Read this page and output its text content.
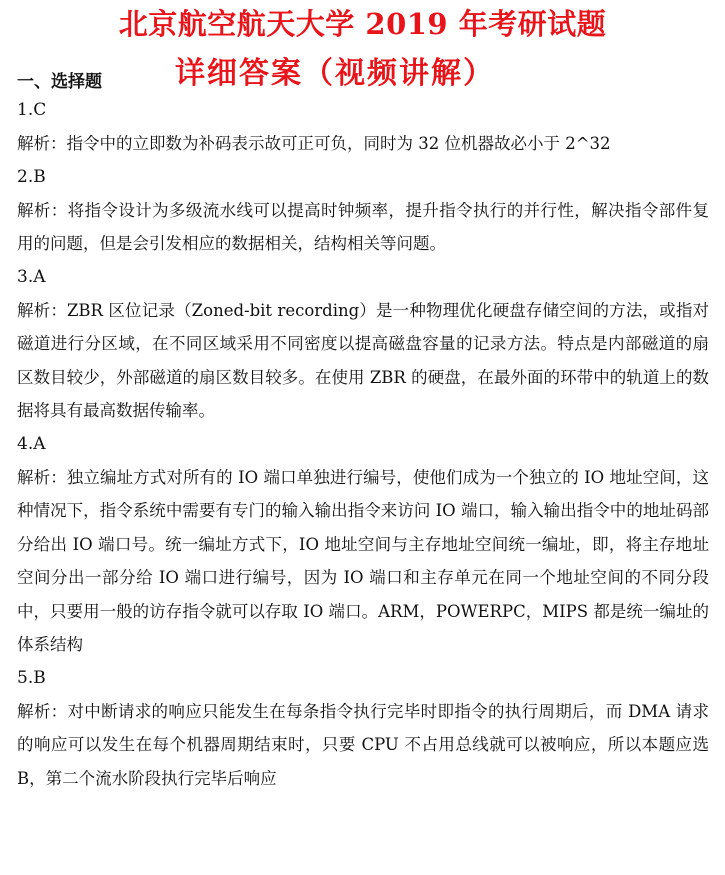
北京航空航天大学 2019 年考研试题
一、选择题 详细答案（视频讲解）
1.C
解析：指令中的立即数为补码表示故可正可负，同时为 32 位机器故必小于 2^32
2.B
解析：将指令设计为多级流水线可以提高时钟频率，提升指令执行的并行性，解决指令部件复用的问题，但是会引发相应的数据相关，结构相关等问题。
3.A
解析：ZBR 区位记录（Zoned-bit recording）是一种物理优化硬盘存储空间的方法，或指对磁道进行分区域，在不同区域采用不同密度以提高磁盘容量的记录方法。特点是内部磁道的扇区数目较少，外部磁道的扇区数目较多。在使用 ZBR 的硬盘，在最外面的环带中的轨道上的数据将具有最高数据传输率。
4.A
解析：独立编址方式对所有的 IO 端口单独进行编号，使他们成为一个独立的 IO 地址空间，这种情况下，指令系统中需要有专门的输入输出指令来访问 IO 端口，输入输出指令中的地址码部分给出 IO 端口号。统一编址方式下，IO 地址空间与主存地址空间统一编址，即，将主存地址空间分出一部分给 IO 端口进行编号，因为 IO 端口和主存单元在同一个地址空间的不同分段中，只要用一般的访存指令就可以存取 IO 端口。ARM，POWERPC，MIPS 都是统一编址的体系结构
5.B
解析：对中断请求的响应只能发生在每条指令执行完毕时即指令的执行周期后，而 DMA 请求的响应可以发生在每个机器周期结束时，只要 CPU 不占用总线就可以被响应，所以本题应选 B，第二个流水阶段执行完毕后响应
